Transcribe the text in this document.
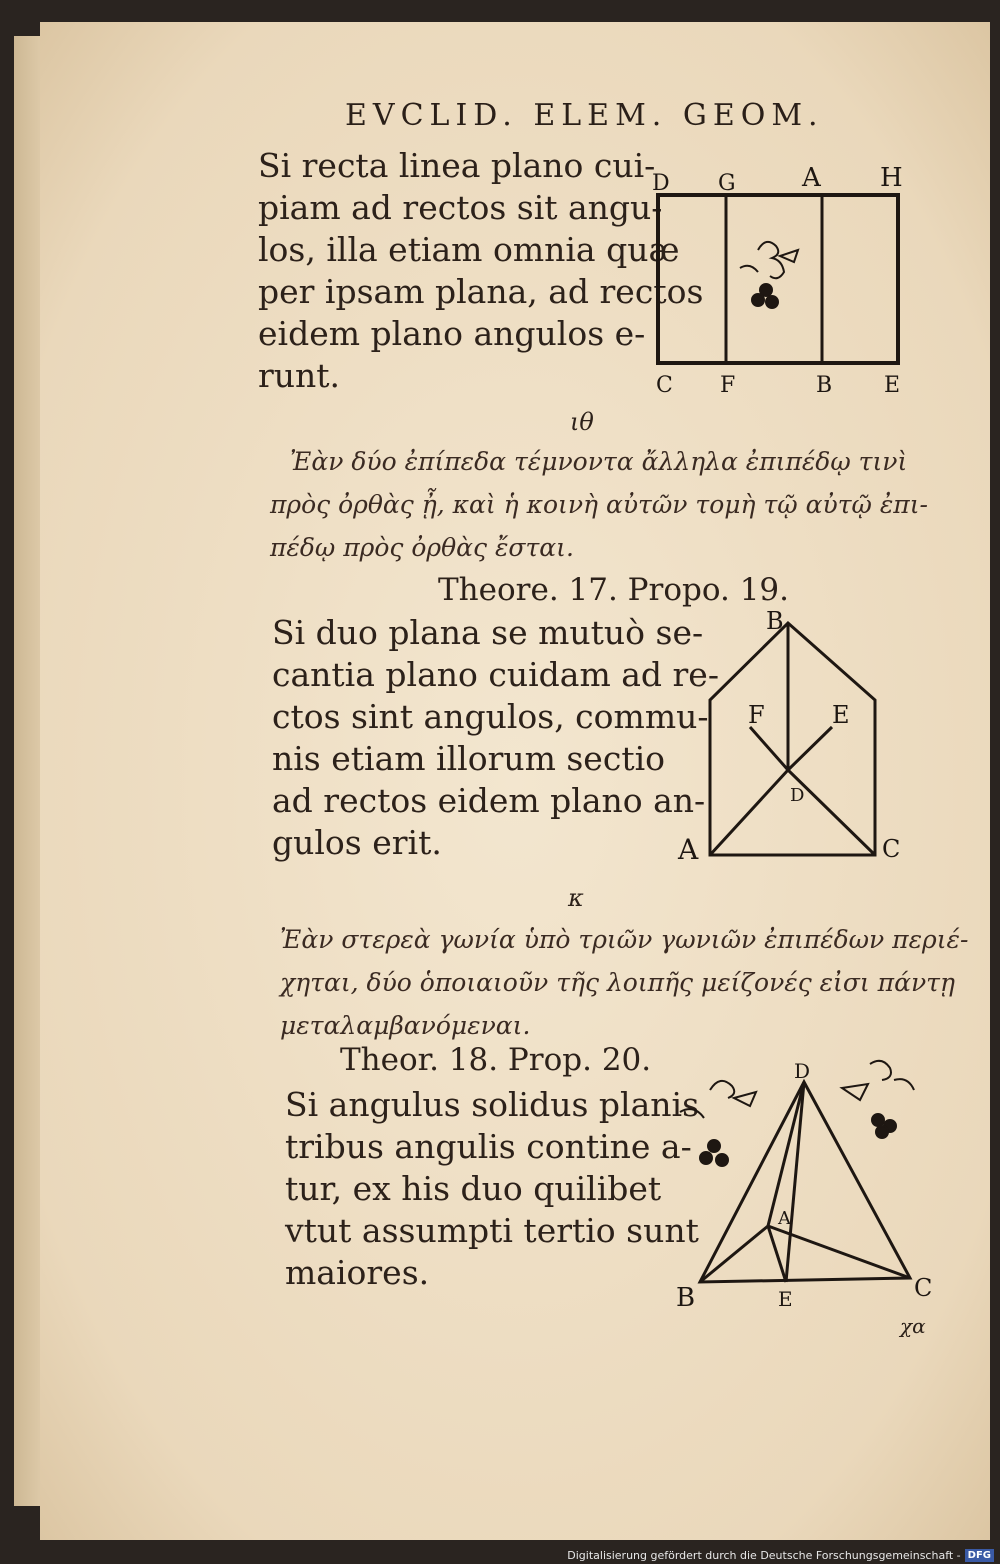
EVCLID. ELEM. GEOM.
Si recta linea plano cui-
piam ad rectos sit angu-
los, illa etiam omnia quæ
per ipsam plana, ad rectos
eidem plano angulos e-
runt.
D G	A H
C F	B E
ιθ
Ἐὰν δύο ἐπίπεδα τέμνοντα ἄλληλα ἐπιπέδῳ τινὶ
πρὸς ὀρθὰς ᾖ, καὶ ἡ κοινὴ αὐτῶν τομὴ τῷ αὐτῷ ἐπι-
πέδῳ πρὸς ὀρθὰς ἔσται.
Theore. 17. Propo. 19.
Si duo plana se mutuò se-
cantia plano cuidam ad re-
ctos sint angulos, commu-
nis etiam illorum sectio
ad rectos eidem plano an-
gulos erit.
B
F	E
D
A	C
κ
Ἐὰν στερεὰ γωνία ὑπὸ τριῶν γωνιῶν ἐπιπέδων περιέ-
χηται, δύο ὁποιαιοῦν τῆς λοιπῆς μείζονές εἰσι πάντῃ
μεταλαμβανόμεναι.
Theor. 18. Prop. 20.
Si angulus solidus planis
tribus angulis contine a-
tur, ex his duo quilibet
vtut assumpti tertio sunt
maiores.
D
A
B	E	C
χα
Digitalisierung gefördert durch die Deutsche Forschungsgemeinschaft - DFG
